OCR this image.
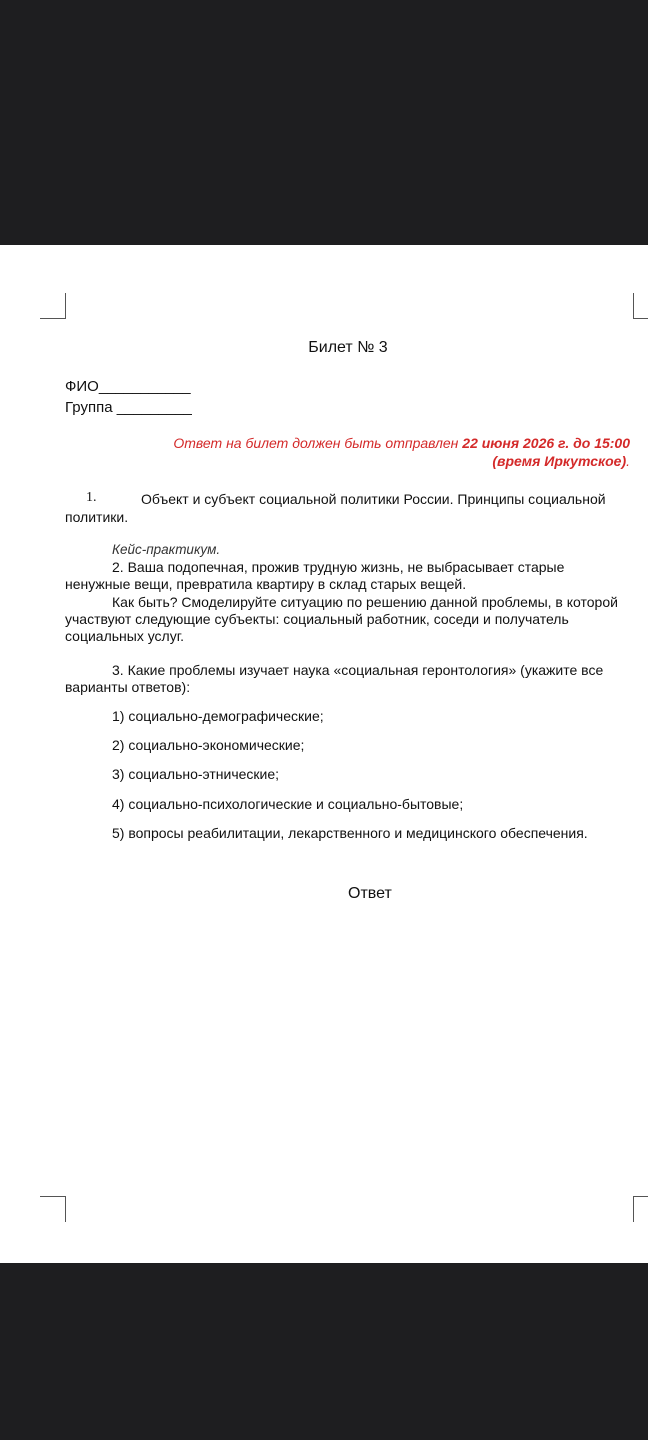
Билет № 3
ФИО___________
Группа _________
Ответ на билет должен быть отправлен 22 июня 2026 г. до 15:00 (время Иркутское).
1.	Объект и субъект социальной политики России. Принципы социальной политики.
Кейс-практикум.
2. Ваша подопечная, прожив трудную жизнь, не выбрасывает старые ненужные вещи, превратила квартиру в склад старых вещей.
Как быть? Смоделируйте ситуацию по решению данной проблемы, в которой участвуют следующие субъекты: социальный работник, соседи и получатель социальных услуг.
3. Какие проблемы изучает наука «социальная геронтология» (укажите все варианты ответов):
1) социально-демографические;
2) социально-экономические;
3) социально-этнические;
4) социально-психологические и социально-бытовые;
5) вопросы реабилитации, лекарственного и медицинского обеспечения.
Ответ
